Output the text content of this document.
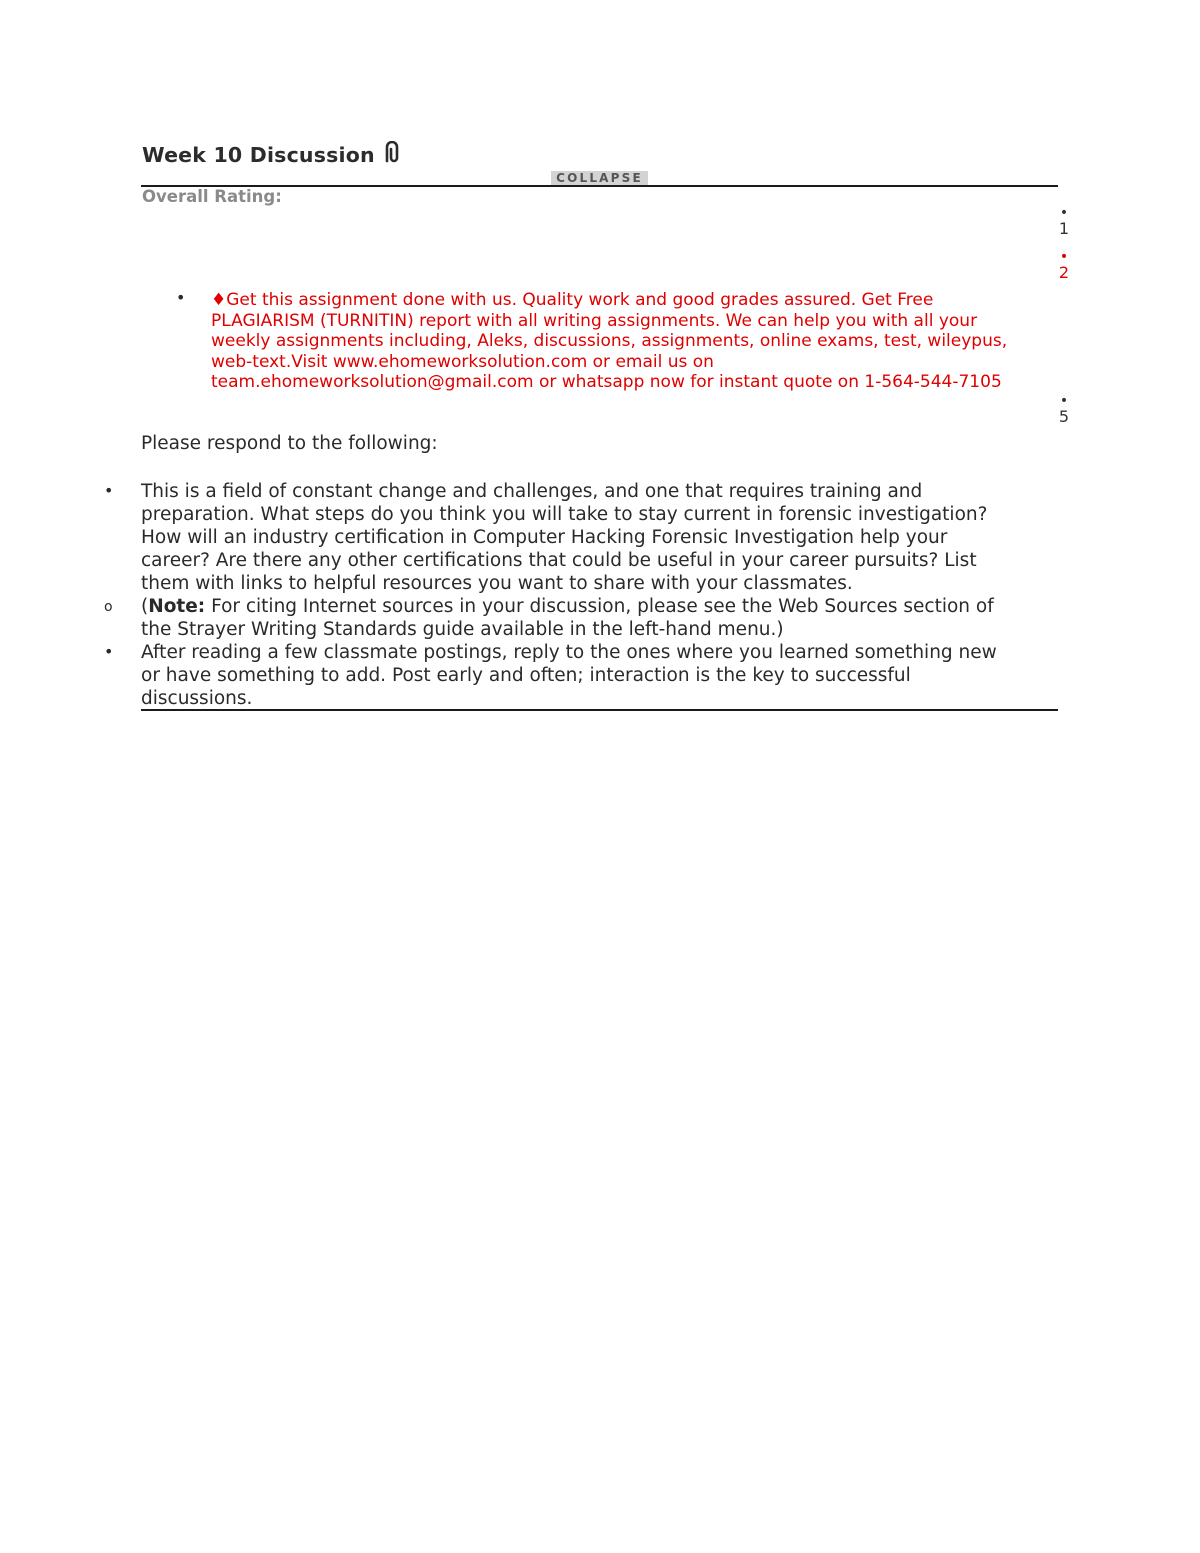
Week 10 Discussion
COLLAPSE
Overall Rating:
•
1
•
2
•
5
• ♦Get this assignment done with us. Quality work and good grades assured. Get Free
PLAGIARISM (TURNITIN) report with all writing assignments. We can help you with all your
weekly assignments including, Aleks, discussions, assignments, online exams, test, wileypus,
web-text.Visit www.ehomeworksolution.com or email us on
team.ehomeworksolution@gmail.com or whatsapp now for instant quote on 1-564-544-7105
Please respond to the following:
• This is a field of constant change and challenges, and one that requires training and
preparation. What steps do you think you will take to stay current in forensic investigation?
How will an industry certification in Computer Hacking Forensic Investigation help your
career? Are there any other certifications that could be useful in your career pursuits? List
them with links to helpful resources you want to share with your classmates.
o (Note: For citing Internet sources in your discussion, please see the Web Sources section of
the Strayer Writing Standards guide available in the left-hand menu.)
• After reading a few classmate postings, reply to the ones where you learned something new
or have something to add. Post early and often; interaction is the key to successful
discussions.
